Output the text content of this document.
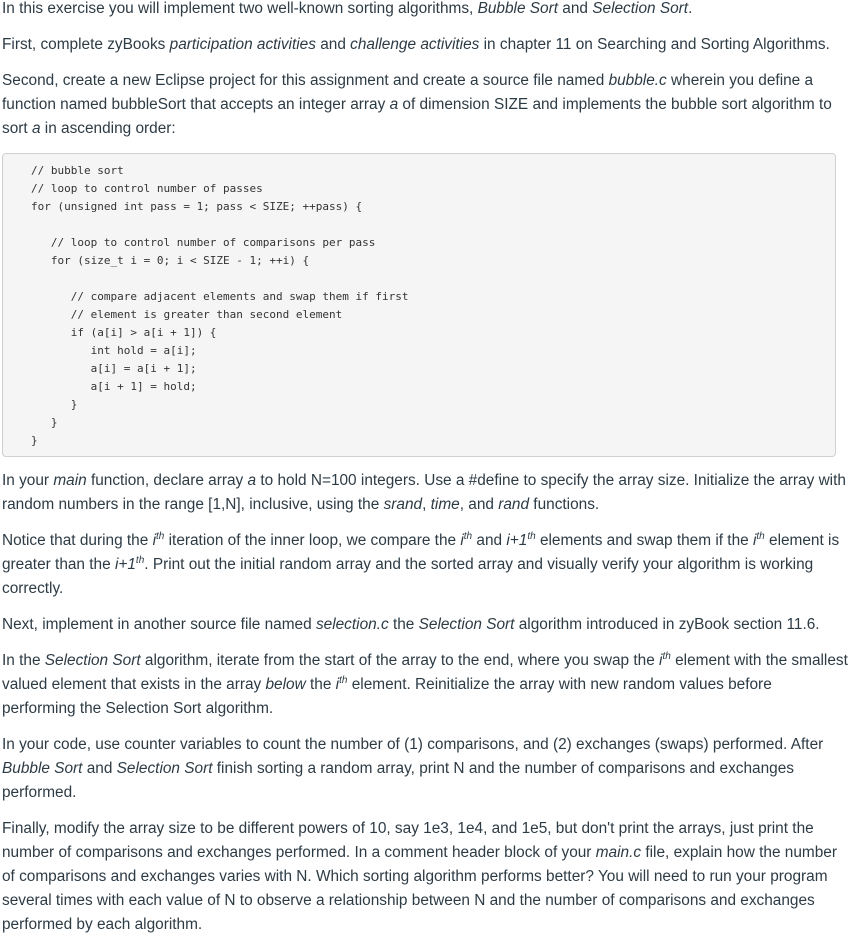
In this exercise you will implement two well-known sorting algorithms, Bubble Sort and Selection Sort.

First, complete zyBooks participation activities and challenge activities in chapter 11 on Searching and Sorting Algorithms.

Second, create a new Eclipse project for this assignment and create a source file named bubble.c wherein you define a function named bubbleSort that accepts an integer array a of dimension SIZE and implements the bubble sort algorithm to sort a in ascending order:

// bubble sort
// loop to control number of passes
for (unsigned int pass = 1; pass < SIZE; ++pass) {
// loop to control number of comparisons per pass
for (size_t i = 0; i < SIZE - 1; ++i) {
// compare adjacent elements and swap them if first
// element is greater than second element
if (a[i] > a[i + 1]) {
int hold = a[i];
a[i] = a[i + 1];
a[i + 1] = hold;
}
}
}

In your main function, declare array a to hold N=100 integers. Use a #define to specify the array size. Initialize the array with random numbers in the range [1,N], inclusive, using the srand, time, and rand functions.

Notice that during the $i^{th}$ iteration of the inner loop, we compare the $i^{th}$ and i+1th elements and swap them if the $i^{th}$ element is greater than the i+1th. Print out the initial random array and the sorted array and visually verify your algorithm is working correctly.

Next, implement in another source file named selection.c the Selection Sort algorithm introduced in zyBook section 11.6.

In the Selection Sort algorithm, iterate from the start of the array to the end, where you swap the $i^{th}$ element with the smallest valued element that exists in the array below the $i^{th}$ element. Reinitialize the array with new random values before performing the Selection Sort algorithm.

In your code, use counter variables to count the number of (1) comparisons, and (2) exchanges (swaps) performed. After Bubble Sort and Selection Sort finish sorting a random array, print N and the number of comparisons and exchanges performed.

Finally, modify the array size to be different powers of 10, say 1e3, 1e4, and 1e5, but don't print the arrays, just print the number of comparisons and exchanges performed. In a comment header block of your main.c file, explain how the number of comparisons and exchanges varies with N. Which sorting algorithm performs better? You will need to run your program several times with each value of N to observe a relationship between N and the number of comparisons and exchanges performed by each algorithm.
